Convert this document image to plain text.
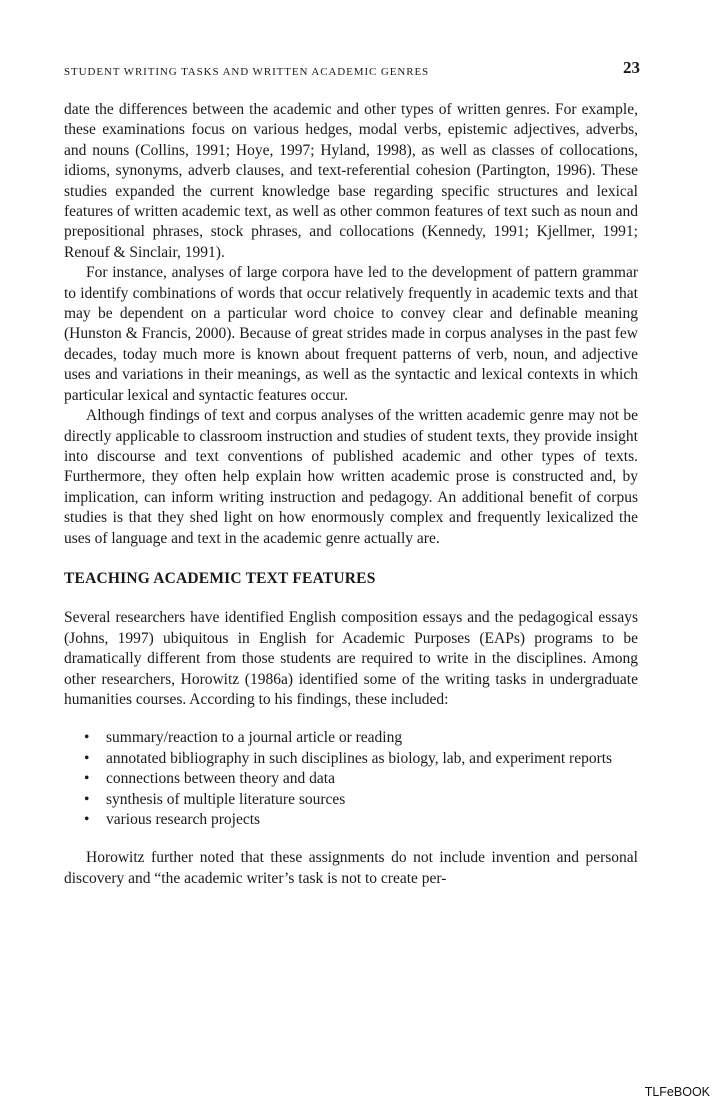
STUDENT WRITING TASKS AND WRITTEN ACADEMIC GENRES	23

date the differences between the academic and other types of written genres. For example, these examinations focus on various hedges, modal verbs, epistemic adjectives, adverbs, and nouns (Collins, 1991; Hoye, 1997; Hyland, 1998), as well as classes of collocations, idioms, synonyms, adverb clauses, and text-referential cohesion (Partington, 1996). These studies expanded the current knowledge base regarding specific structures and lexical features of written academic text, as well as other common features of text such as noun and prepositional phrases, stock phrases, and collocations (Kennedy, 1991; Kjellmer, 1991; Renouf & Sinclair, 1991).

For instance, analyses of large corpora have led to the development of pattern grammar to identify combinations of words that occur relatively frequently in academic texts and that may be dependent on a particular word choice to convey clear and definable meaning (Hunston & Francis, 2000). Because of great strides made in corpus analyses in the past few decades, today much more is known about frequent patterns of verb, noun, and adjective uses and variations in their meanings, as well as the syntactic and lexical contexts in which particular lexical and syntactic features occur.

Although findings of text and corpus analyses of the written academic genre may not be directly applicable to classroom instruction and studies of student texts, they provide insight into discourse and text conventions of published academic and other types of texts. Furthermore, they often help explain how written academic prose is constructed and, by implication, can inform writing instruction and pedagogy. An additional benefit of corpus studies is that they shed light on how enormously complex and frequently lexicalized the uses of language and text in the academic genre actually are.

TEACHING ACADEMIC TEXT FEATURES

Several researchers have identified English composition essays and the pedagogical essays (Johns, 1997) ubiquitous in English for Academic Purposes (EAPs) programs to be dramatically different from those students are required to write in the disciplines. Among other researchers, Horowitz (1986a) identified some of the writing tasks in undergraduate humanities courses. According to his findings, these included:

• summary/reaction to a journal article or reading
• annotated bibliography in such disciplines as biology, lab, and experiment reports
• connections between theory and data
• synthesis of multiple literature sources
• various research projects

Horowitz further noted that these assignments do not include invention and personal discovery and “the academic writer’s task is not to create per-

TLFeBOOK
